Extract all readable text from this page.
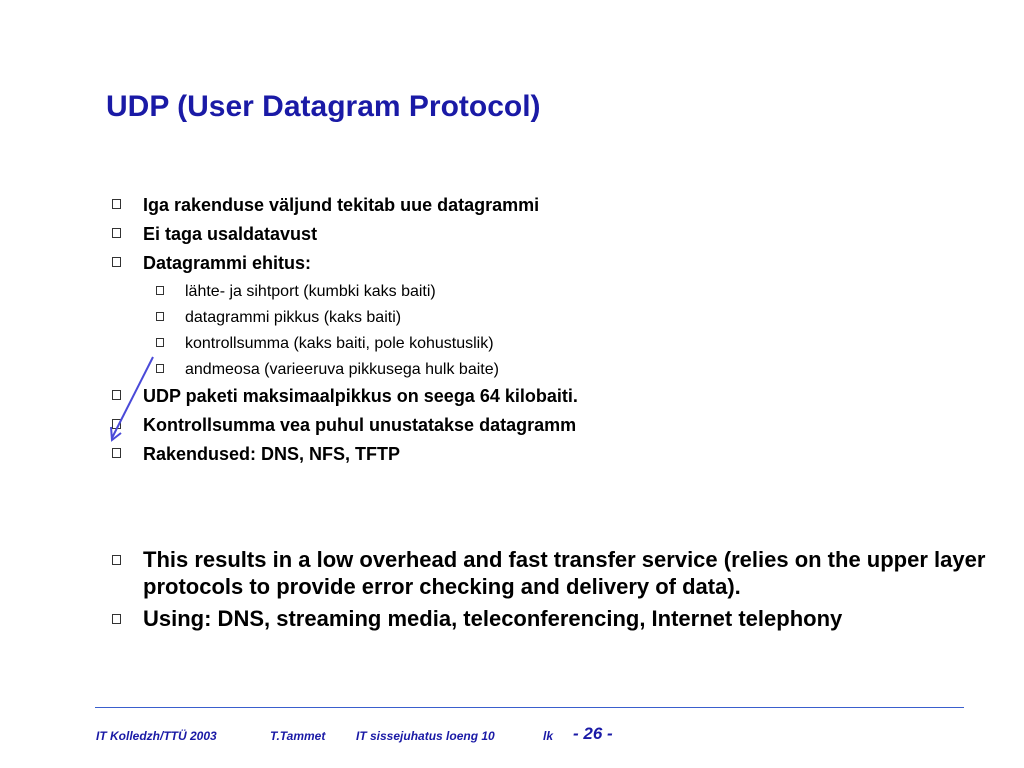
UDP (User Datagram Protocol)
Iga rakenduse väljund tekitab uue datagrammi
Ei taga usaldatavust
Datagrammi ehitus:
lähte- ja sihtport (kumbki kaks baiti)
datagrammi pikkus (kaks baiti)
kontrollsumma (kaks baiti, pole kohustuslik)
andmeosa (varieeruva pikkusega hulk baite)
UDP paketi maksimaalpikkus on seega 64 kilobaiti.
Kontrollsumma vea puhul unustatakse datagramm
Rakendused: DNS, NFS, TFTP
This results in a low overhead and fast transfer service (relies on the upper layer protocols to provide error checking and delivery of data).
Using: DNS, streaming media, teleconferencing, Internet telephony
IT Kolledzh/TTÜ 2003	T.Tammet	IT sissejuhatus loeng 10	lk - 26 -
